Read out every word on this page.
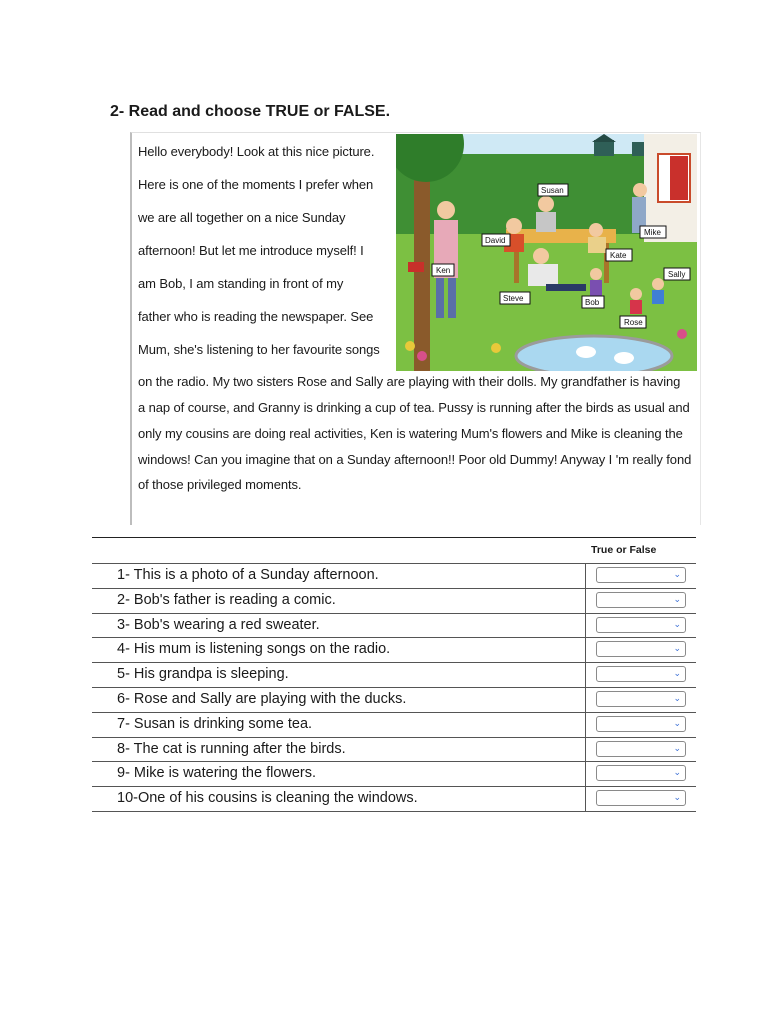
2- Read and choose TRUE or FALSE.
Hello everybody! Look at this nice picture.
Here is one of the moments I prefer when
we are all together on a nice Sunday
afternoon! But let me introduce myself! I
am Bob, I am standing in front of my
father who is reading the newspaper. See
Mum, she's listening to her favourite songs
on the radio. My two sisters Rose and Sally are playing with their dolls. My grandfather is having
a nap of course, and Granny is drinking a cup of tea. Pussy is running after the birds as usual and
only my cousins are doing real activities, Ken is watering Mum's flowers and Mike is cleaning the
windows! Can you imagine that on a Sunday afternoon!! Poor old Dummy! Anyway I 'm really fond
of those privileged moments.
Susan
David
Mike
Kate
Ken	Sally
Steve	Bob
Rose
True or False
1- This is a photo of a Sunday afternoon.
2- Bob's father is reading a comic.
3- Bob's wearing a red sweater.
4- His mum is listening songs on the radio.
5- His grandpa is sleeping.
6- Rose and Sally are playing with the ducks.
7- Susan is drinking some tea.
8- The cat is running after the birds.
9- Mike is watering the flowers.
10-One of his cousins is cleaning the windows.
⌄
⌄
⌄
⌄
⌄
⌄
⌄
⌄
⌄
⌄
